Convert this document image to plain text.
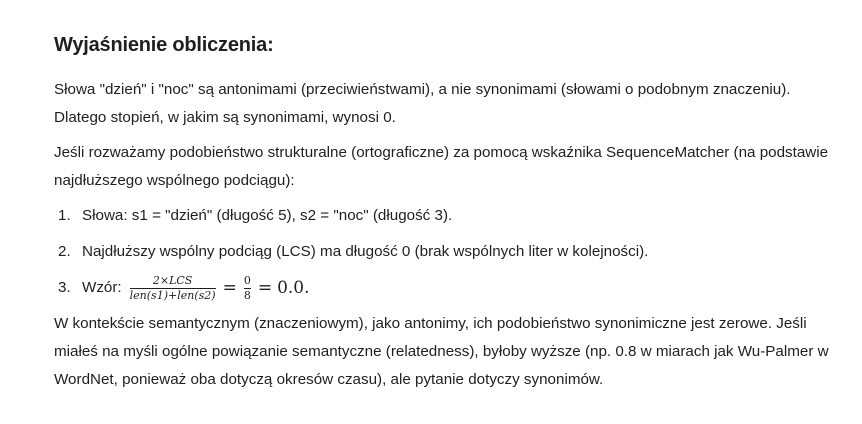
Wyjaśnienie obliczenia:

Słowa "dzień" i "noc" są antonimami (przeciwieństwami), a nie synonimami (słowami o podobnym znaczeniu). Dlatego stopień, w jakim są synonimami, wynosi 0.

Jeśli rozważamy podobieństwo strukturalne (ortograficzne) za pomocą wskaźnika SequenceMatcher (na podstawie najdłuższego wspólnego podciągu):

1. Słowa: s1 = "dzień" (długość 5), s2 = "noc" (długość 3).
2. Najdłuższy wspólny podciąg (LCS) ma długość 0 (brak wspólnych liter w kolejności).
3. Wzór: $\frac{\text{2×LCS}}{\text{len(s1)+len(s2)}} = \frac{0}{8} = 0.0$.

W kontekście semantycznym (znaczeniowym), jako antonimy, ich podobieństwo synonimiczne jest zerowe. Jeśli miałeś na myśli ogólne powiązanie semantyczne (relatedness), byłoby wyższe (np. 0.8 w miarach jak Wu-Palmer w WordNet, ponieważ oba dotyczą okresów czasu), ale pytanie dotyczy synonimów.
